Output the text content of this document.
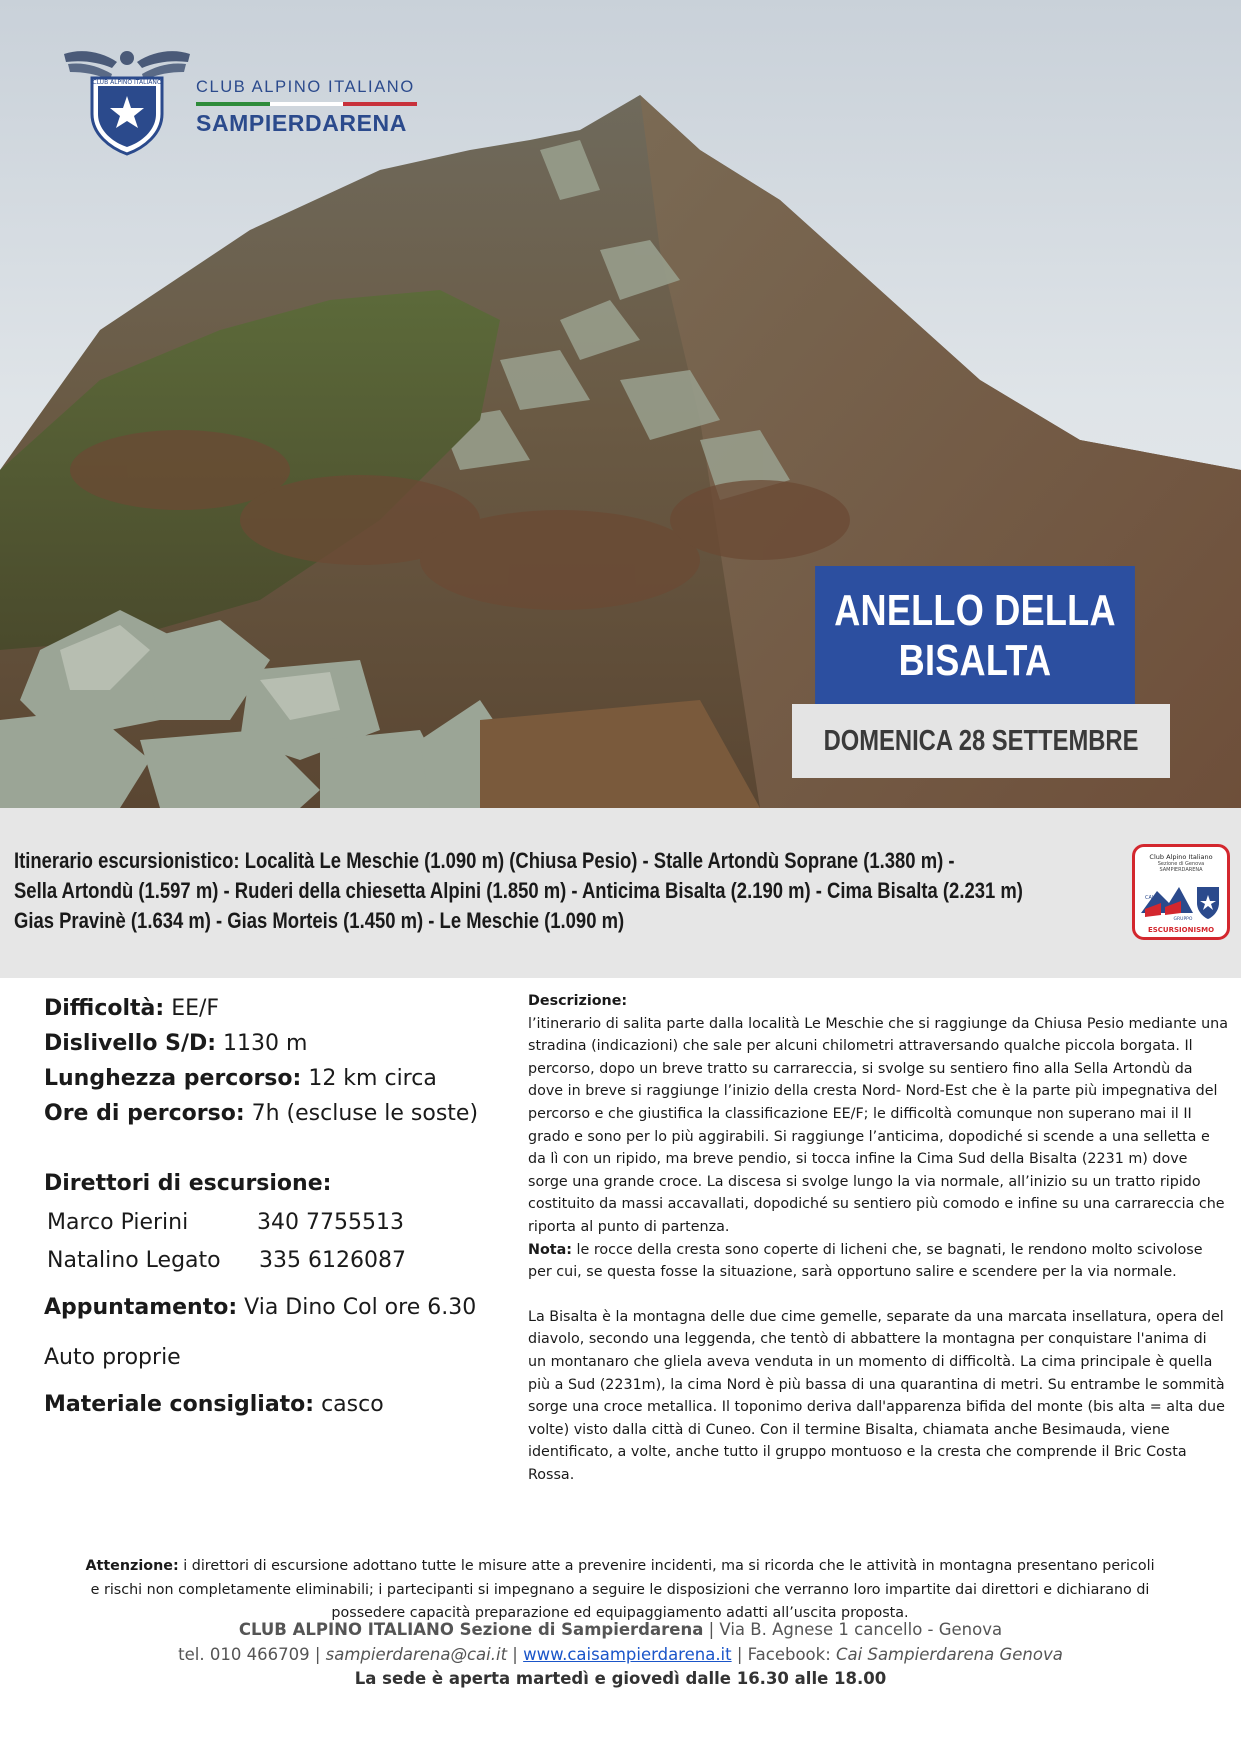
CLUB ALPINO ITALIANO CLUB ALPINO ITALIANO
SAMPIERDARENA
ANELLO DELLA BISALTA
DOMENICA 28 SETTEMBRE
Itinerario escursionistico: Località Le Meschie (1.090 m) (Chiusa Pesio) - Stalle Artondù Soprane (1.380 m) -
Sella Artondù (1.597 m) - Ruderi della chiesetta Alpini (1.850 m) - Anticima Bisalta (2.190 m) - Cima Bisalta (2.231 m)
Gias Pravinè (1.634 m) - Gias Morteis (1.450 m) - Le Meschie (1.090 m)
Club Alpino Italiano
Sezione di Genova
SAMPIERDARENA
CAI
GRUPPO
ESCURSIONISMO
Difficoltà: EE/F
Dislivello S/D: 1130 m
Lunghezza percorso: 12 km circa
Ore di percorso: 7h (escluse le soste)
Direttori di escursione:
Marco Pierini	340 7755513
Natalino Legato 335 6126087
Appuntamento: Via Dino Col ore 6.30
Auto proprie
Materiale consigliato: casco

Descrizione:

l’itinerario di salita parte dalla località Le Meschie che si raggiunge da Chiusa Pesio mediante una stradina (indicazioni) che sale per alcuni chilometri attraversando qualche piccola borgata. Il percorso, dopo un breve tratto su carrareccia, si svolge su sentiero fino alla Sella Artondù da dove in breve si raggiunge l’inizio della cresta Nord- Nord-Est che è la parte più impegnativa del percorso e che giustifica la classificazione EE/F; le difficoltà comunque non superano mai il II grado e sono per lo più aggirabili. Si raggiunge l’anticima, dopodiché si scende a una selletta e da lì con un ripido, ma breve pendio, si tocca infine la Cima Sud della Bisalta (2231 m) dove sorge una grande croce. La discesa si svolge lungo la via normale, all’inizio su un tratto ripido costituito da massi accavallati, dopodiché su sentiero più comodo e infine su una carrareccia che riporta al punto di partenza.

Nota: le rocce della cresta sono coperte di licheni che, se bagnati, le rendono molto scivolose per cui, se questa fosse la situazione, sarà opportuno salire e scendere per la via normale.

La Bisalta è la montagna delle due cime gemelle, separate da una marcata insellatura, opera del diavolo, secondo una leggenda, che tentò di abbattere la montagna per conquistare l'anima di un montanaro che gliela aveva venduta in un momento di difficoltà. La cima principale è quella più a Sud (2231m), la cima Nord è più bassa di una quarantina di metri. Su entrambe le sommità sorge una croce metallica. Il toponimo deriva dall'apparenza bifida del monte (bis alta = alta due volte) visto dalla città di Cuneo. Con il termine Bisalta, chiamata anche Besimauda, viene identificato, a volte, anche tutto il gruppo montuoso e la cresta che comprende il Bric Costa Rossa.

Attenzione: i direttori di escursione adottano tutte le misure atte a prevenire incidenti, ma si ricorda che le attività in montagna presentano pericoli e rischi non completamente eliminabili; i partecipanti si impegnano a seguire le disposizioni che verranno loro impartite dai direttori e dichiarano di possedere capacità preparazione ed equipaggiamento adatti all’uscita proposta.
CLUB ALPINO ITALIANO Sezione di Sampierdarena | Via B. Agnese 1 cancello - Genova
tel. 010 466709 | sampierdarena@cai.it | www.caisampierdarena.it | Facebook: Cai Sampierdarena Genova
La sede è aperta martedì e giovedì dalle 16.30 alle 18.00
